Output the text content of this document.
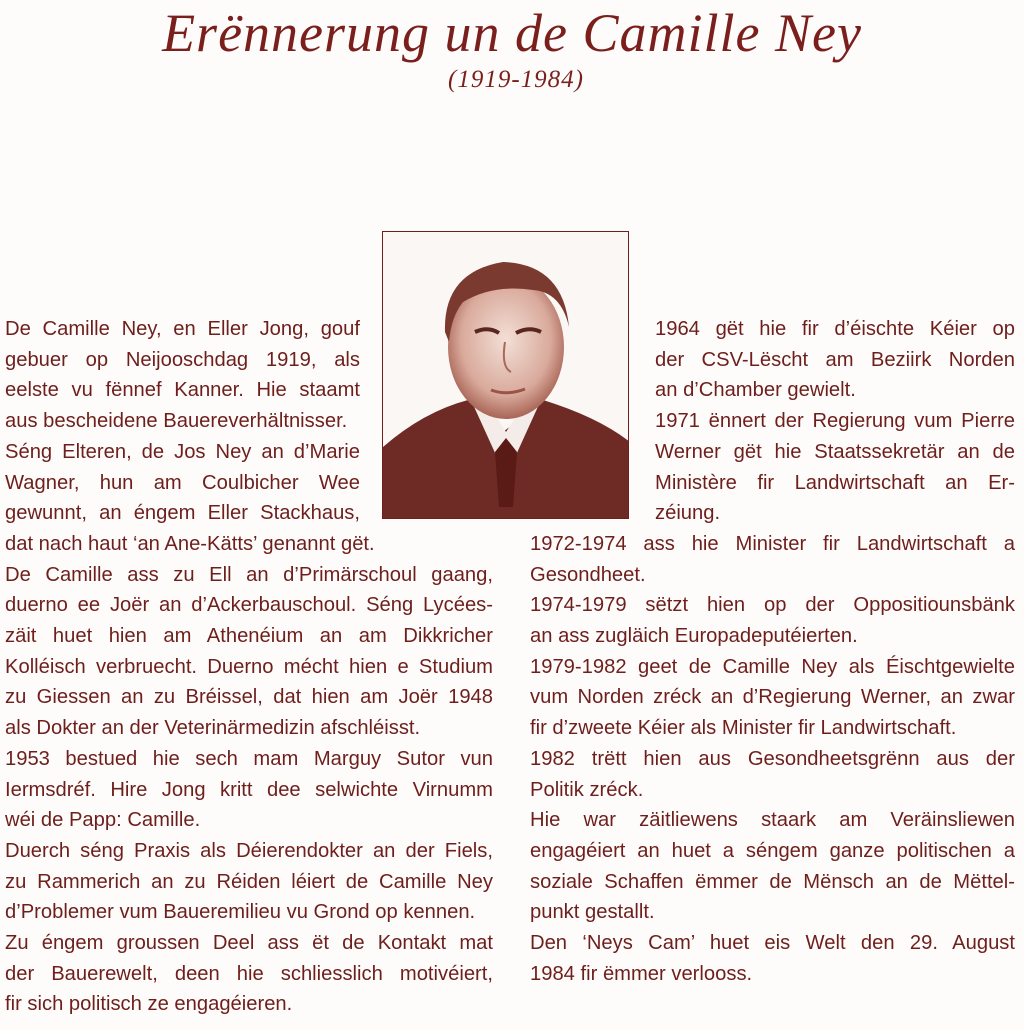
Erënnerung un de Camille Ney
(1919-1984)
De Camille Ney, en Eller Jong, gouf
gebuer op Neijooschdag 1919, als
eelste vu fënnef Kanner. Hie staamt
aus bescheidene Bauereverhältnisser.
Séng Elteren, de Jos Ney an d’Marie
Wagner, hun am Coulbicher Wee
gewunnt, an éngem Eller Stackhaus,
dat nach haut ‘an Ane-Kätts’ genannt gët.
De Camille ass zu Ell an d’Primärschoul gaang,
duerno ee Joër an d’Ackerbauschoul. Séng Lycées-
zäit huet hien am Athenéium an am Dikkricher
Kolléisch verbruecht. Duerno mécht hien e Studium
zu Giessen an zu Bréissel, dat hien am Joër 1948
als Dokter an der Veterinärmedizin afschléisst.
1953 bestued hie sech mam Marguy Sutor vun
Iermsdréf. Hire Jong kritt dee selwichte Virnumm
wéi de Papp: Camille.
Duerch séng Praxis als Déierendokter an der Fiels,
zu Rammerich an zu Réiden léiert de Camille Ney
d’Problemer vum Baueremilieu vu Grond op kennen.
Zu éngem groussen Deel ass ët de Kontakt mat
der Bauerewelt, deen hie schliesslich motivéiert,
fir sich politisch ze engagéieren.
1964 gët hie fir d’éischte Kéier op
der CSV-Lëscht am Beziirk Norden
an d’Chamber gewielt.
1971 ënnert der Regierung vum Pierre
Werner gët hie Staatssekretär an de
Ministère fir Landwirtschaft an Er-
zéiung.
1972-1974 ass hie Minister fir Landwirtschaft a
Gesondheet.
1974-1979 sëtzt hien op der Oppositiounsbänk
an ass zugläich Europadeputéierten.
1979-1982 geet de Camille Ney als Éischtgewielte
vum Norden zréck an d’Regierung Werner, an zwar
fir d’zweete Kéier als Minister fir Landwirtschaft.
1982 trëtt hien aus Gesondheetsgrënn aus der
Politik zréck.
Hie war zäitliewens staark am Veräinsliewen
engagéiert an huet a séngem ganze politischen a
soziale Schaffen ëmmer de Mënsch an de Mëttel-
punkt gestallt.
Den ‘Neys Cam’ huet eis Welt den 29. August
1984 fir ëmmer verlooss.
